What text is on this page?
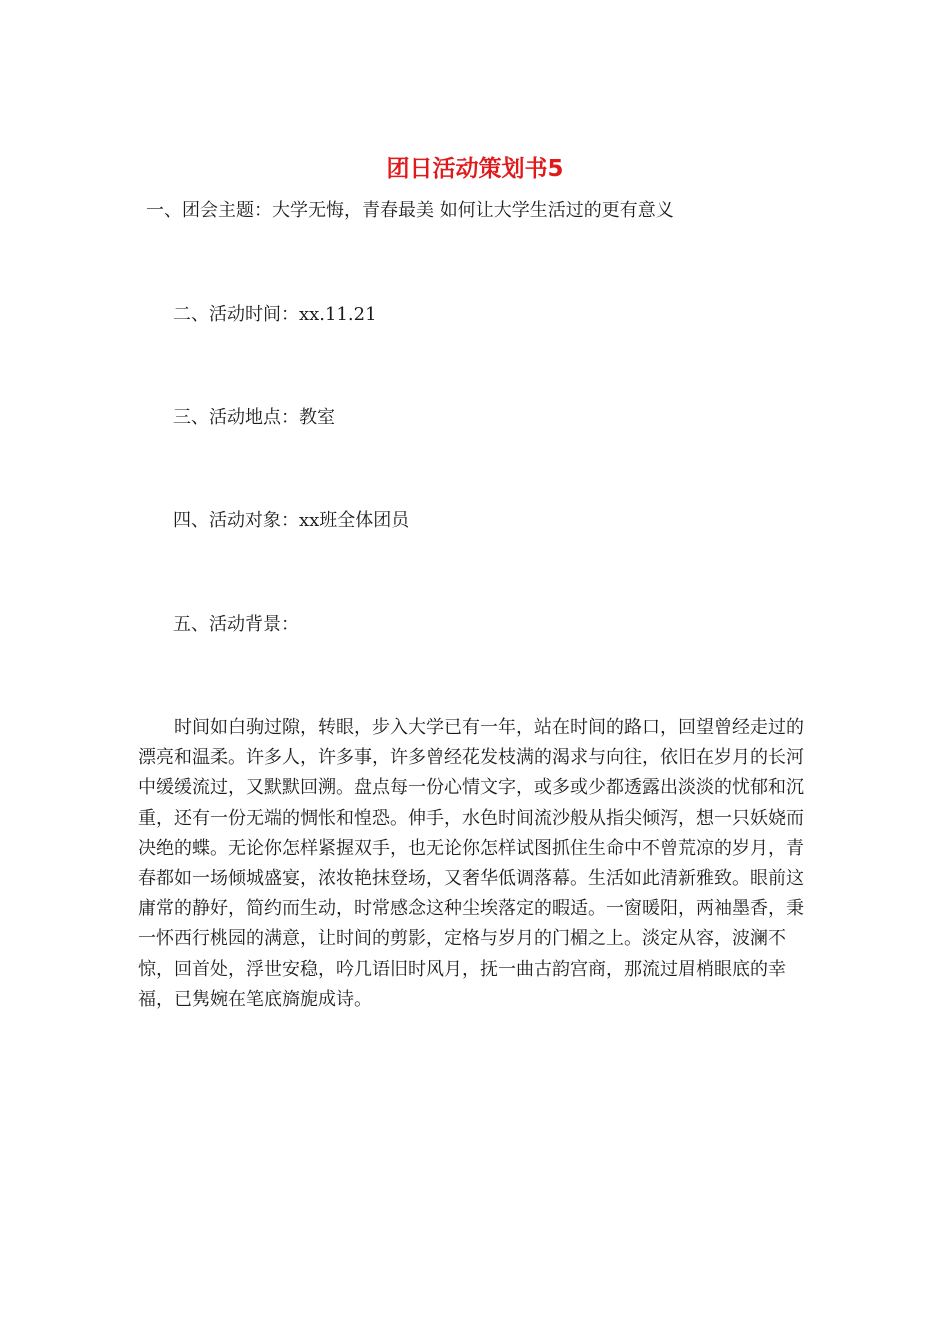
团日活动策划书5
一、团会主题：大学无悔，青春最美 如何让大学生活过的更有意义
二、活动时间：xx.11.21
三、活动地点：教室
四、活动对象：xx班全体团员
五、活动背景：

时间如白驹过隙，转眼，步入大学已有一年，站在时间的路口，回望曾经走过的漂亮和温柔。许多人，许多事，许多曾经花发枝满的渴求与向往，依旧在岁月的长河中缓缓流过，又默默回溯。盘点每一份心情文字，或多或少都透露出淡淡的忧郁和沉重，还有一份无端的惆怅和惶恐。伸手，水色时间流沙般从指尖倾泻，想一只妖娆而决绝的蝶。无论你怎样紧握双手，也无论你怎样试图抓住生命中不曾荒凉的岁月，青春都如一场倾城盛宴，浓妆艳抹登场，又奢华低调落幕。生活如此清新雅致。眼前这庸常的静好，简约而生动，时常感念这种尘埃落定的暇适。一窗暖阳，两袖墨香，秉一怀西行桃园的满意，让时间的剪影，定格与岁月的门楣之上。淡定从容，波澜不惊，回首处，浮世安稳，吟几语旧时风月，抚一曲古韵宫商，那流过眉梢眼底的幸福，已隽婉在笔底旖旎成诗。
